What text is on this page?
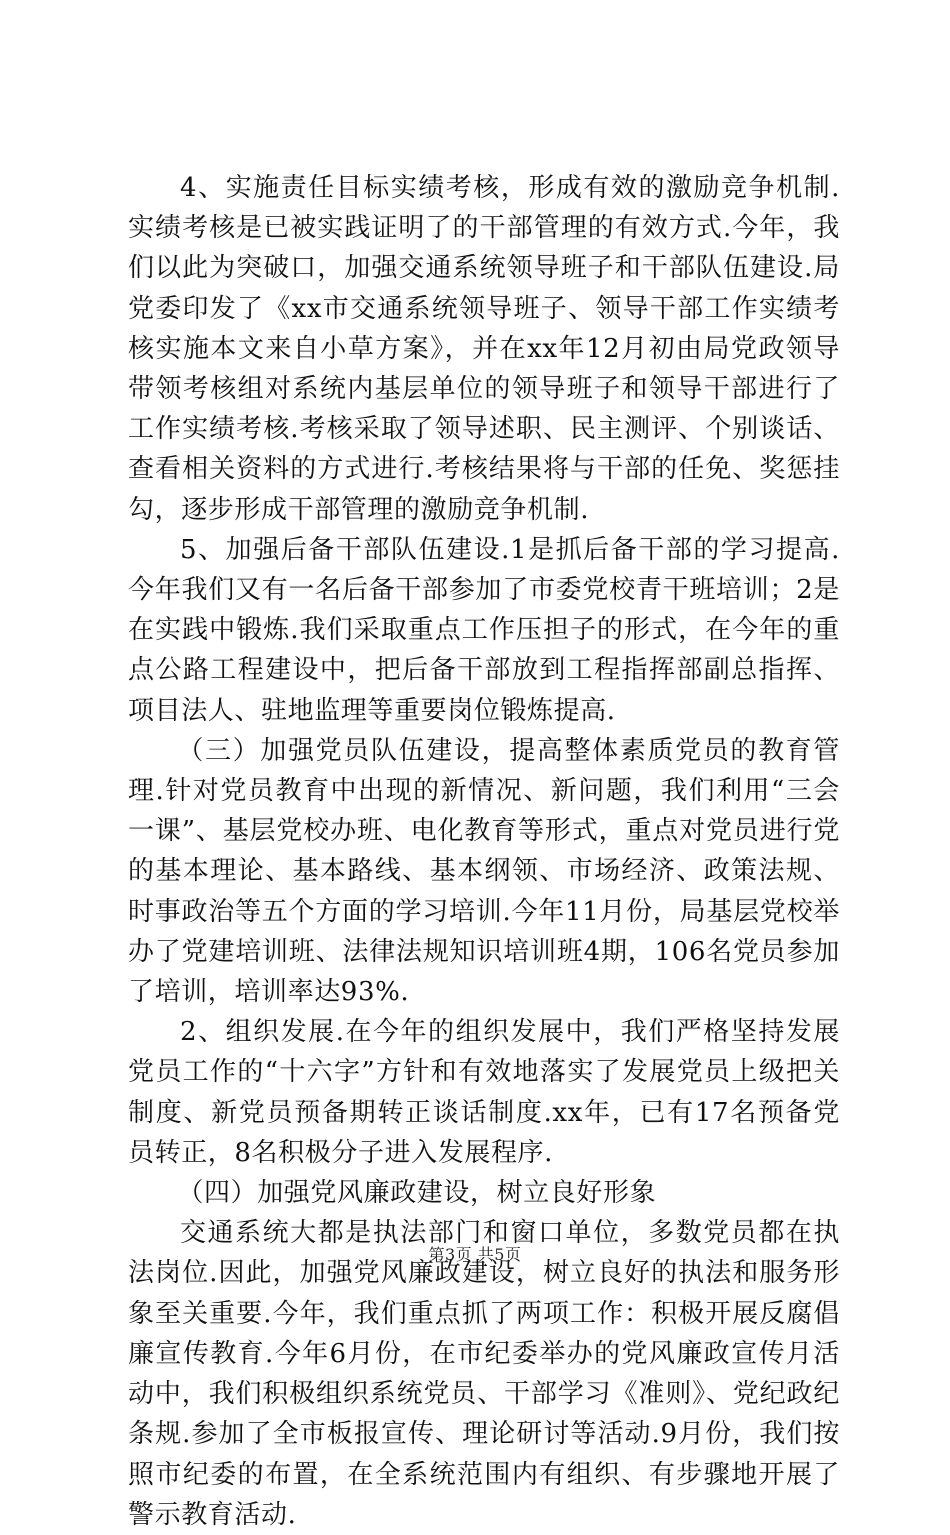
4、实施责任目标实绩考核，形成有效的激励竞争机制.实绩考核是已被实践证明了的干部管理的有效方式.今年，我们以此为突破口，加强交通系统领导班子和干部队伍建设.局党委印发了《xx市交通系统领导班子、领导干部工作实绩考核实施本文来自小草方案》，并在xx年12月初由局党政领导带领考核组对系统内基层单位的领导班子和领导干部进行了工作实绩考核.考核采取了领导述职、民主测评、个别谈话、查看相关资料的方式进行.考核结果将与干部的任免、奖惩挂勾，逐步形成干部管理的激励竞争机制.

5、加强后备干部队伍建设.1是抓后备干部的学习提高.今年我们又有一名后备干部参加了市委党校青干班培训；2是在实践中锻炼.我们采取重点工作压担子的形式，在今年的重点公路工程建设中，把后备干部放到工程指挥部副总指挥、项目法人、驻地监理等重要岗位锻炼提高.

（三）加强党员队伍建设，提高整体素质党员的教育管理.针对党员教育中出现的新情况、新问题，我们利用“三会一课”、基层党校办班、电化教育等形式，重点对党员进行党的基本理论、基本路线、基本纲领、市场经济、政策法规、时事政治等五个方面的学习培训.今年11月份，局基层党校举办了党建培训班、法律法规知识培训班4期，106名党员参加了培训，培训率达93%.

2、组织发展.在今年的组织发展中，我们严格坚持发展党员工作的“十六字”方针和有效地落实了发展党员上级把关制度、新党员预备期转正谈话制度.xx年，已有17名预备党员转正，8名积极分子进入发展程序.

（四）加强党风廉政建设，树立良好形象

交通系统大都是执法部门和窗口单位，多数党员都在执法岗位.因此，加强党风廉政建设，树立良好的执法和服务形象至关重要.今年，我们重点抓了两项工作：积极开展反腐倡廉宣传教育.今年6月份，在市纪委举办的党风廉政宣传月活动中，我们积极组织系统党员、干部学习《准则》、党纪政纪条规.参加了全市板报宣传、理论研讨等活动.9月份，我们按照市纪委的布置，在全系统范围内有组织、有步骤地开展了警示教育活动.

第3页 共5页
